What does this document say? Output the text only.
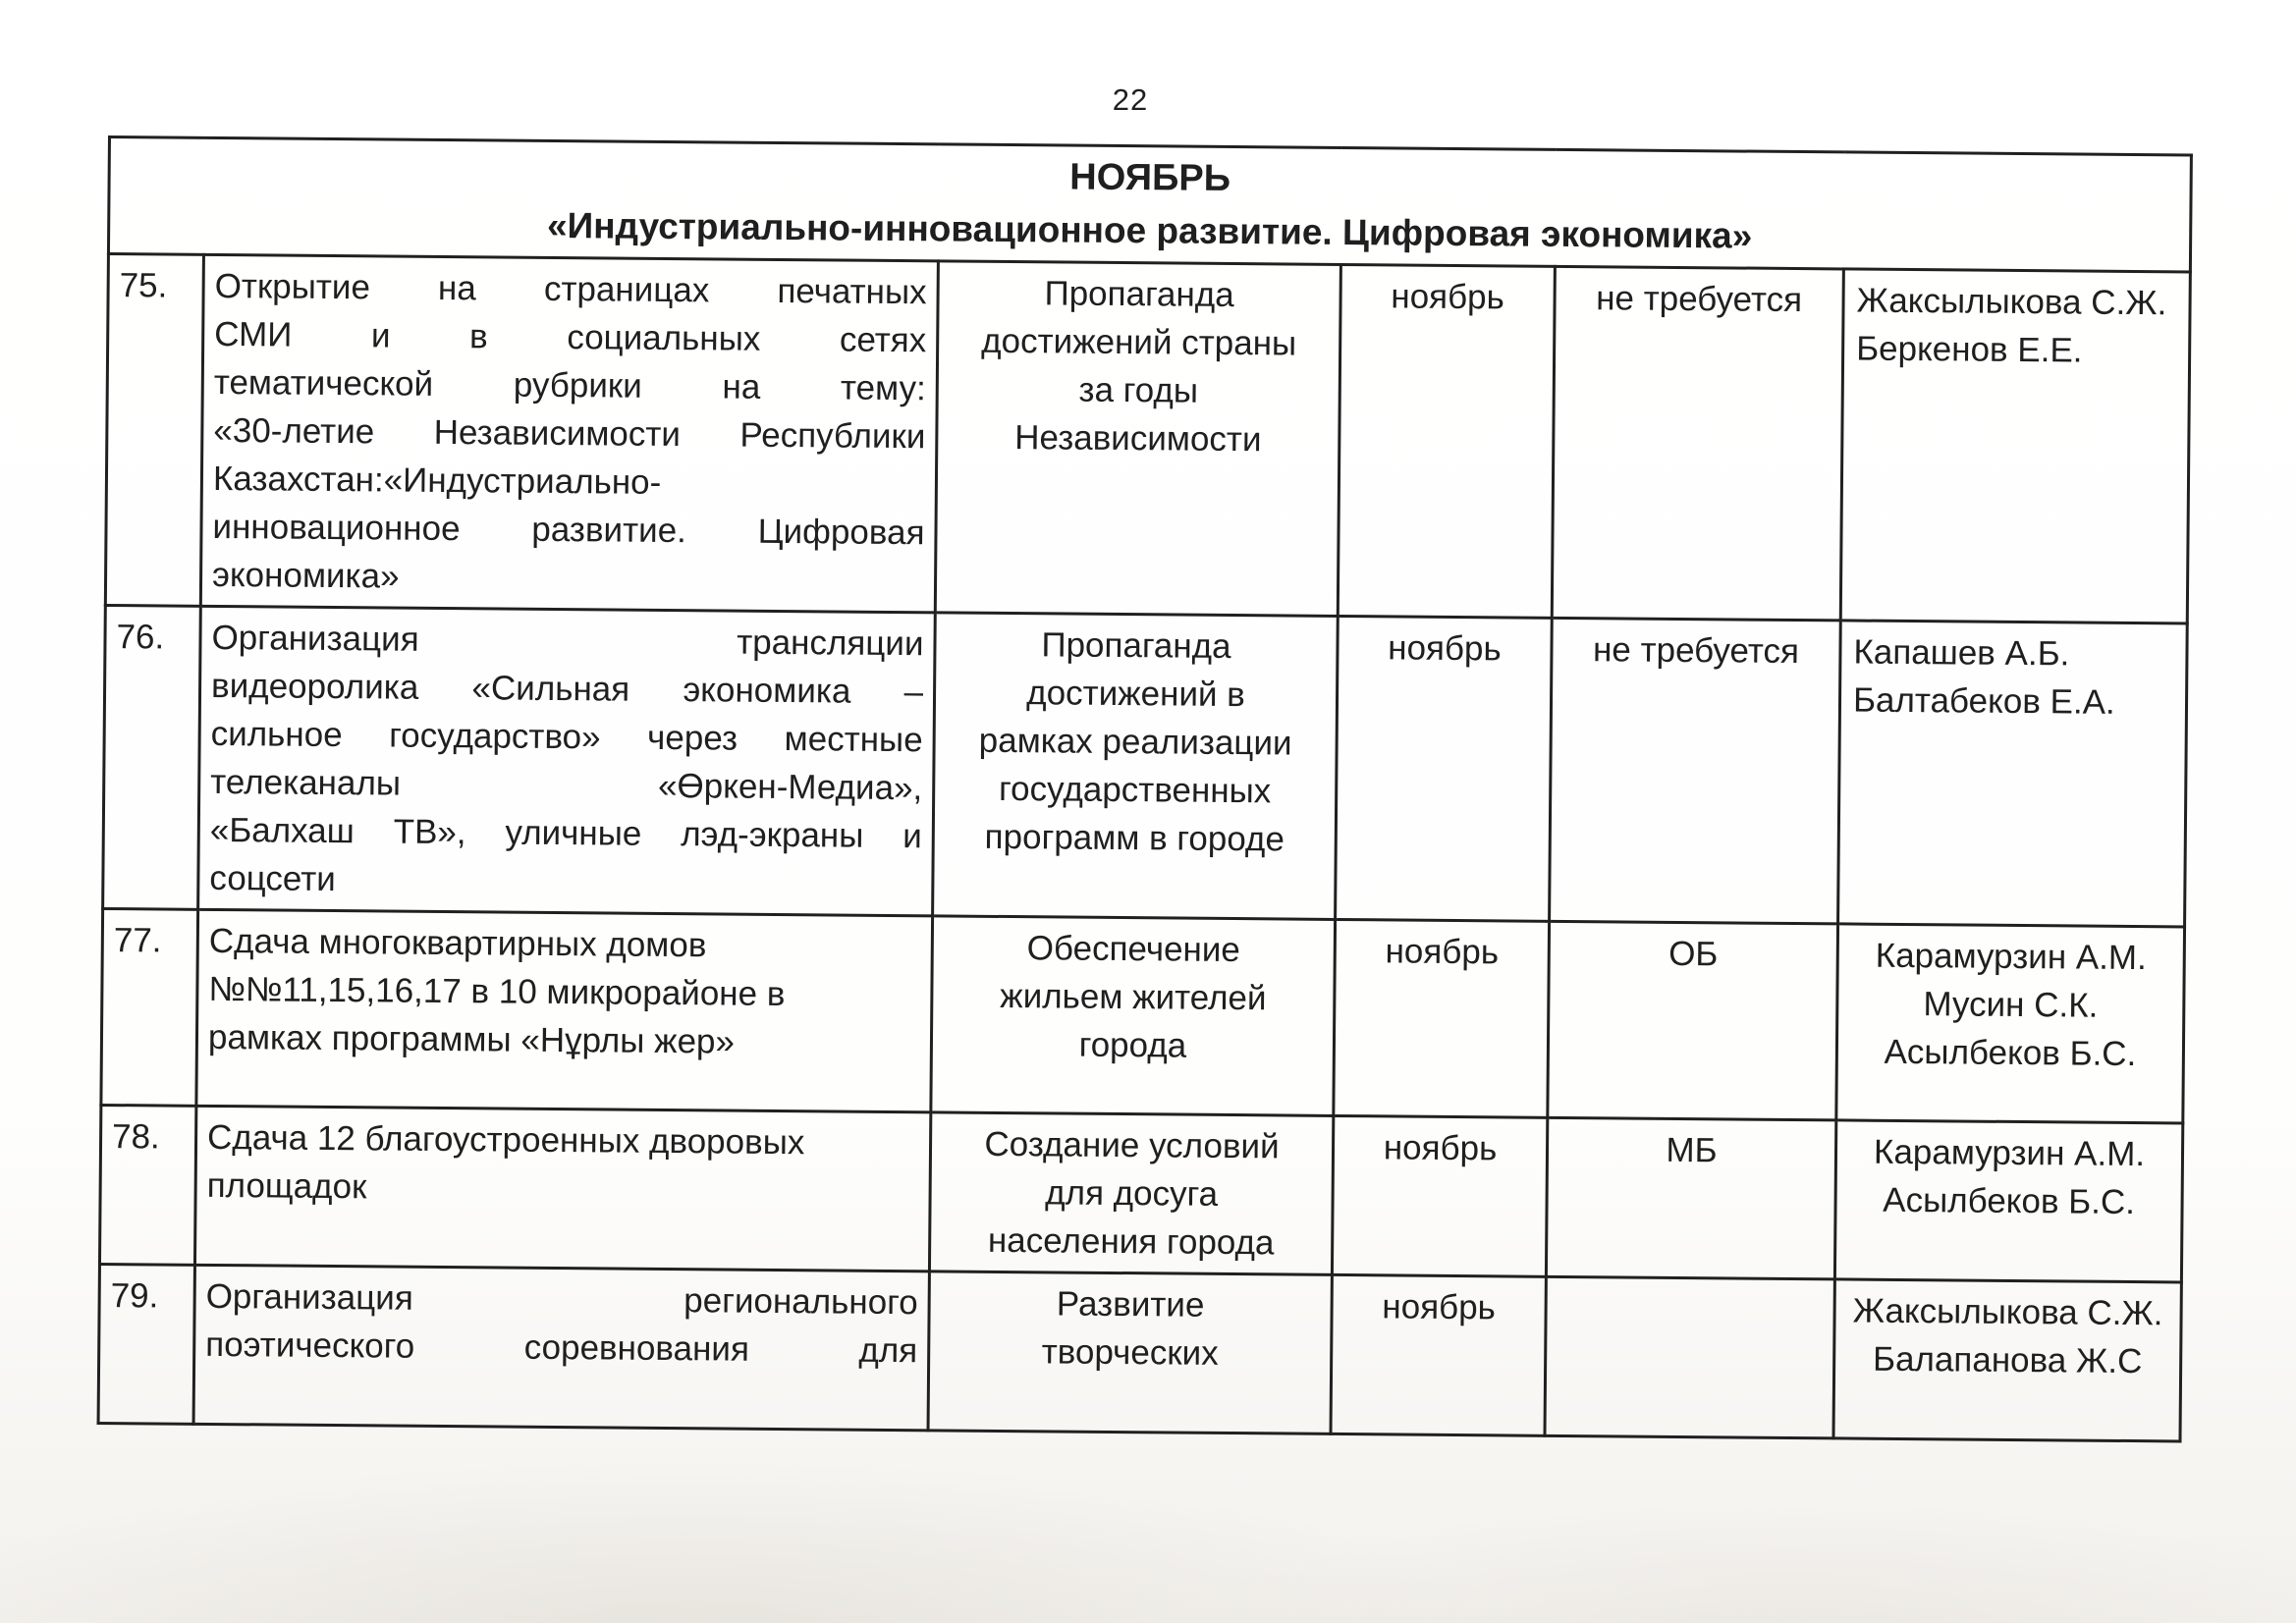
22
НОЯБРЬ
«Индустриально-инновационное развитие. Цифровая экономика»					

75.	Открытие на страницах печатных
СМИ и в социальных сетях
тематической рубрики на тему:
«30-летие Независимости Республики
Казахстан:«Индустриально-
инновационное развитие. Цифровая
экономика»	Пропаганда
достижений страны
за годы
Независимости	ноябрь	не требуется	Жаксылыкова С.Ж.
Беркенов Е.Е.
76.	Организация трансляции
видеоролика «Сильная экономика –
сильное государство» через местные
телеканалы «Өркен-Медиа»,
«Балхаш ТВ», уличные лэд-экраны и
соцсети	Пропаганда
достижений в
рамках реализации
государственных
программ в городе	ноябрь	не требуется	Капашев А.Б.
Балтабеков Е.А.
77.	Сдача многоквартирных домов
№№11,15,16,17 в 10 микрорайоне в
рамках программы «Нұрлы жер»	Обеспечение
жильем жителей
города	ноябрь	ОБ	Карамурзин А.М.
Мусин С.К.
Асылбеков Б.С.
78.	Сдача 12 благоустроенных дворовых
площадок	Создание условий
для досуга
населения города	ноябрь	МБ	Карамурзин А.М.
Асылбеков Б.С.
79.	Организация регионального
поэтического соревнования для	Развитие
творческих	ноябрь		Жаксылыкова С.Ж.
Балапанова Ж.С
